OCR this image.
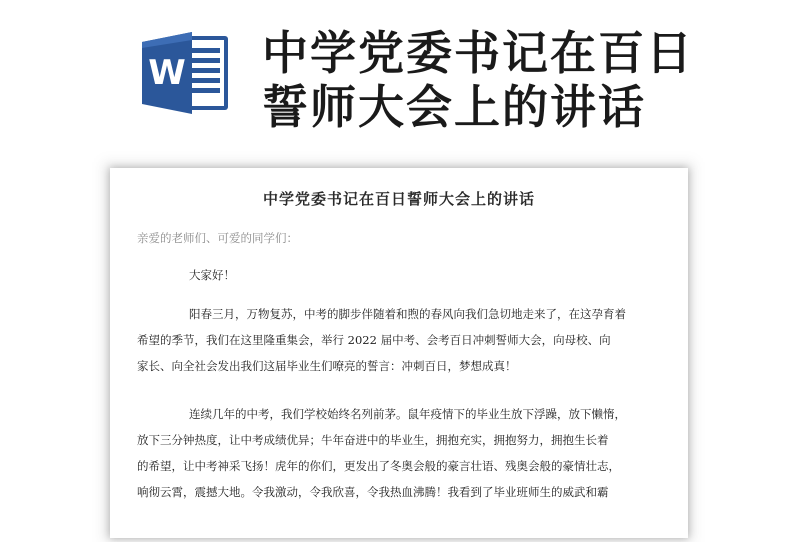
W 中学党委书记在百日
誓师大会上的讲话
中学党委书记在百日誓师大会上的讲话
亲爱的老师们、可爱的同学们：
大家好！
阳春三月，万物复苏，中考的脚步伴随着和煦的春风向我们急切地走来了，在这孕育着
希望的季节，我们在这里隆重集会，举行 2022 届中考、会考百日冲刺誓师大会，向母校、向
家长、向全社会发出我们这届毕业生们嘹亮的誓言：冲刺百日，梦想成真！
连续几年的中考，我们学校始终名列前茅。鼠年疫情下的毕业生放下浮躁，放下懒惰，
放下三分钟热度，让中考成绩优异；牛年奋进中的毕业生，拥抱充实，拥抱努力，拥抱生长着
的希望，让中考神采飞扬！虎年的你们，更发出了冬奥会般的豪言壮语、残奥会般的豪情壮志，
响彻云霄，震撼大地。令我激动，令我欣喜，令我热血沸腾！我看到了毕业班师生的威武和霸
